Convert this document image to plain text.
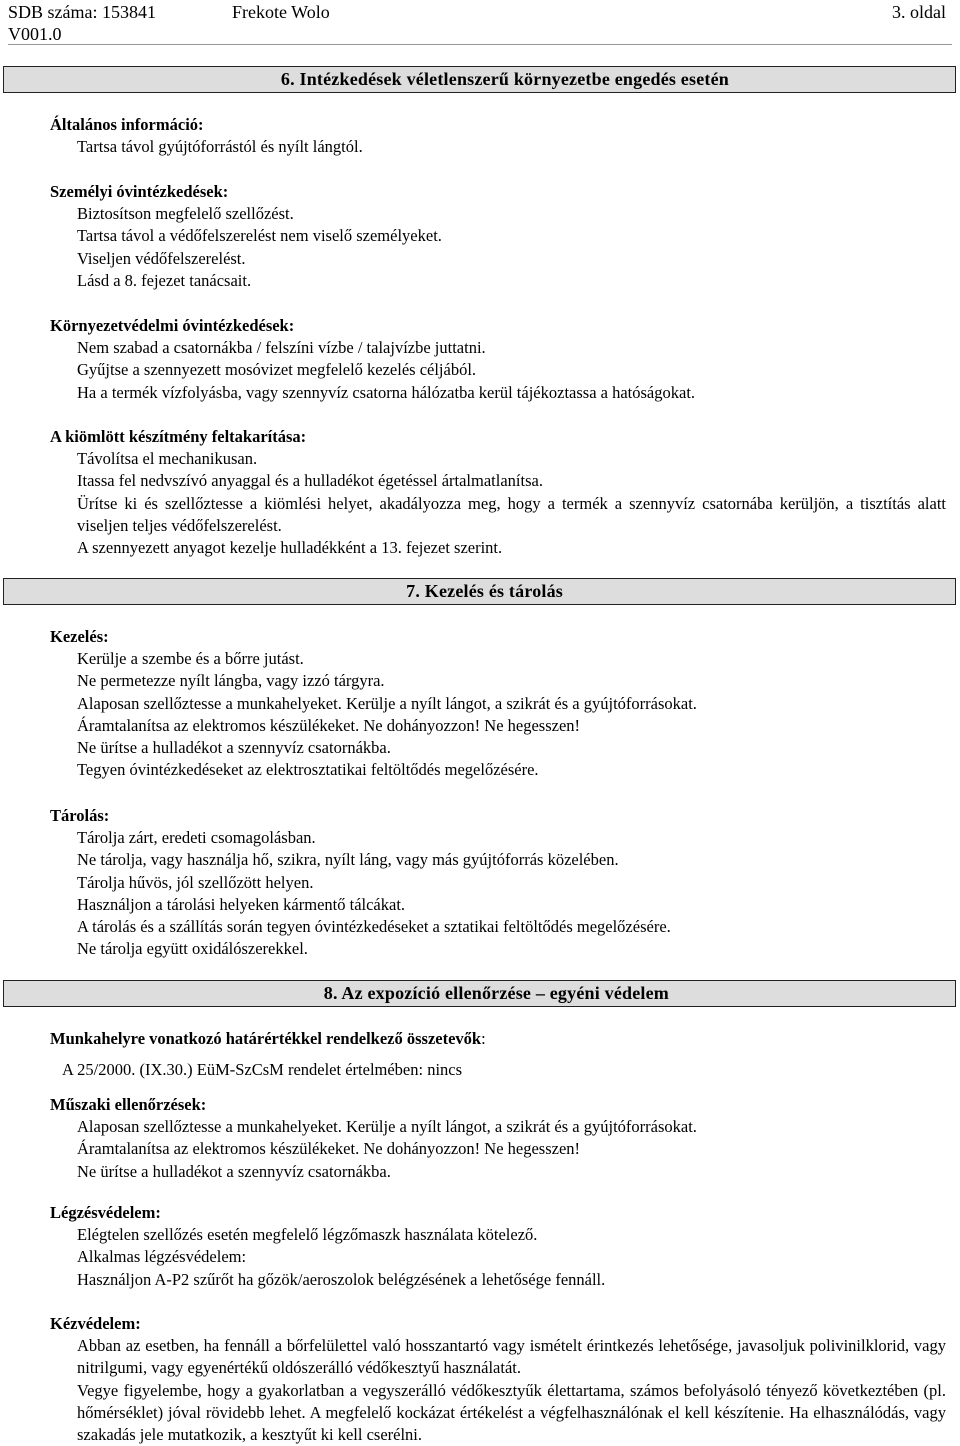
SDB száma: 153841	Frekote Wolo	3. oldal
V001.0
6. Intézkedések véletlenszerű környezetbe engedés esetén
Általános információ:
Tartsa távol gyújtóforrástól és nyílt lángtól.
Személyi óvintézkedések:
Biztosítson megfelelő szellőzést.
Tartsa távol a védőfelszerelést nem viselő személyeket.
Viseljen védőfelszerelést.
Lásd a 8. fejezet tanácsait.
Környezetvédelmi óvintézkedések:
Nem szabad a csatornákba / felszíni vízbe / talajvízbe juttatni.
Gyűjtse a szennyezett mosóvizet megfelelő kezelés céljából.
Ha a termék vízfolyásba, vagy szennyvíz csatorna hálózatba kerül tájékoztassa a hatóságokat.
A kiömlött készítmény feltakarítása:
Távolítsa el mechanikusan.
Itassa fel nedvszívó anyaggal és a hulladékot égetéssel ártalmatlanítsa.
Ürítse ki és szellőztesse a kiömlési helyet, akadályozza meg, hogy a termék a szennyvíz csatornába kerüljön, a tisztítás alatt viseljen teljes védőfelszerelést.
A szennyezett anyagot kezelje hulladékként a 13. fejezet szerint.
7. Kezelés és tárolás
Kezelés:
Kerülje a szembe és a bőrre jutást.
Ne permetezze nyílt lángba, vagy izzó tárgyra.
Alaposan szellőztesse a munkahelyeket. Kerülje a nyílt lángot, a szikrát és a gyújtóforrásokat.
Áramtalanítsa az elektromos készülékeket. Ne dohányozzon! Ne hegesszen!
Ne ürítse a hulladékot a szennyvíz csatornákba.
Tegyen óvintézkedéseket az elektrosztatikai feltöltődés megelőzésére.
Tárolás:
Tárolja zárt, eredeti csomagolásban.
Ne tárolja, vagy használja hő, szikra, nyílt láng, vagy más gyújtóforrás közelében.
Tárolja hűvös, jól szellőzött helyen.
Használjon a tárolási helyeken kármentő tálcákat.
A tárolás és a szállítás során tegyen óvintézkedéseket a sztatikai feltöltődés megelőzésére.
Ne tárolja együtt oxidálószerekkel.
8. Az expozíció ellenőrzése – egyéni védelem
Munkahelyre vonatkozó határértékkel rendelkező összetevők:
A 25/2000. (IX.30.) EüM-SzCsM rendelet értelmében: nincs
Műszaki ellenőrzések:
Alaposan szellőztesse a munkahelyeket. Kerülje a nyílt lángot, a szikrát és a gyújtóforrásokat.
Áramtalanítsa az elektromos készülékeket. Ne dohányozzon! Ne hegesszen!
Ne ürítse a hulladékot a szennyvíz csatornákba.
Légzésvédelem:
Elégtelen szellőzés esetén megfelelő légzőmaszk használata kötelező.
Alkalmas légzésvédelem:
Használjon A-P2 szűrőt ha gőzök/aeroszolok belégzésének a lehetősége fennáll.
Kézvédelem:
Abban az esetben, ha fennáll a bőrfelülettel való hosszantartó vagy ismételt érintkezés lehetősége, javasoljuk polivinilklorid, vagy nitrilgumi, vagy egyenértékű oldószerálló védőkesztyű használatát.
Vegye figyelembe, hogy a gyakorlatban a vegyszerálló védőkesztyűk élettartama, számos befolyásoló tényező következtében (pl. hőmérséklet) jóval rövidebb lehet. A megfelelő kockázat értékelést a végfelhasználónak el kell készítenie. Ha elhasználódás, vagy szakadás jele mutatkozik, a kesztyűt ki kell cserélni.
